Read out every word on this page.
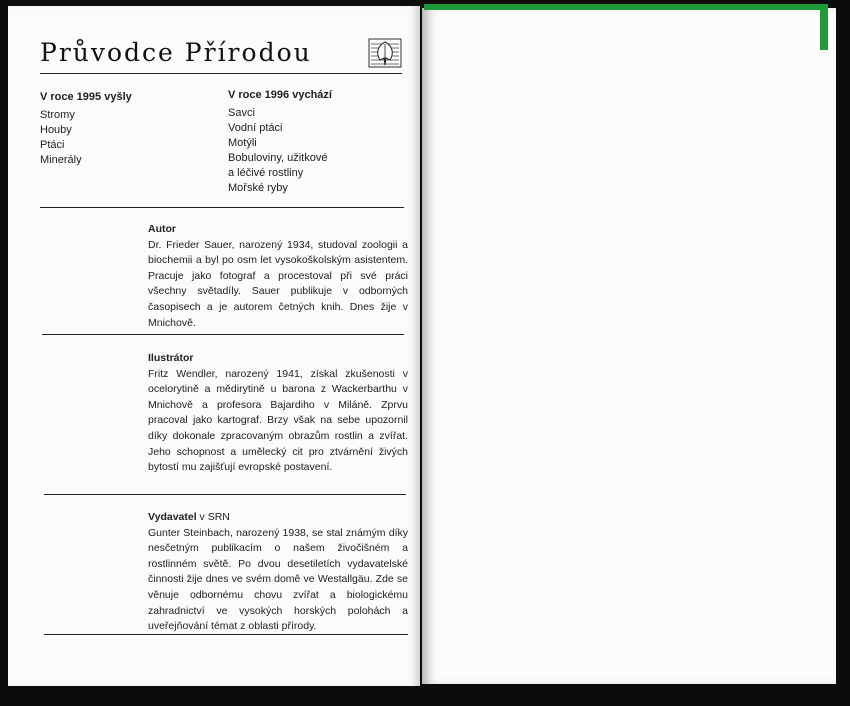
Průvodce Přírodou
V roce 1995 vyšly
Stromy
Houby
Ptáci
Minerály
V roce 1996 vychází
Savci
Vodní ptáci
Motýli
Bobuloviny, užitkové
a léčivé rostliny
Mořské ryby
Autor
Dr. Frieder Sauer, narozený 1934, studoval zoologii a biochemii a byl po osm let vysokoškolským asistentem. Pracuje jako fotograf a procestoval při své práci všechny světadíly. Sauer publikuje v odborných časopisech a je autorem četných knih. Dnes žije v Mnichově.
Ilustrátor
Fritz Wendler, narozený 1941, získal zkušenosti v ocelorytině a mědirytině u barona z Wackerbarthu v Mnichově a profesora Bajardiho v Miláně. Zprvu pracoval jako kartograf. Brzy však na sebe upozornil díky dokonale zpracovaným obrazům rostlin a zvířat. Jeho schopnost a umělecký cit pro ztvárnění živých bytostí mu zajišťují evropské postavení.
Vydavatel v SRN
Gunter Steinbach, narozený 1938, se stal známým díky nesčetným publikacím o našem živočišném a rostlinném světě. Po dvou desetiletích vydavatelské činnosti žije dnes ve svém domě ve Westallgäu. Zde se věnuje odbornému chovu zvířat a biologickému zahradnictví ve vysokých horských polohách a uveřejňování témat z oblasti přírody.
